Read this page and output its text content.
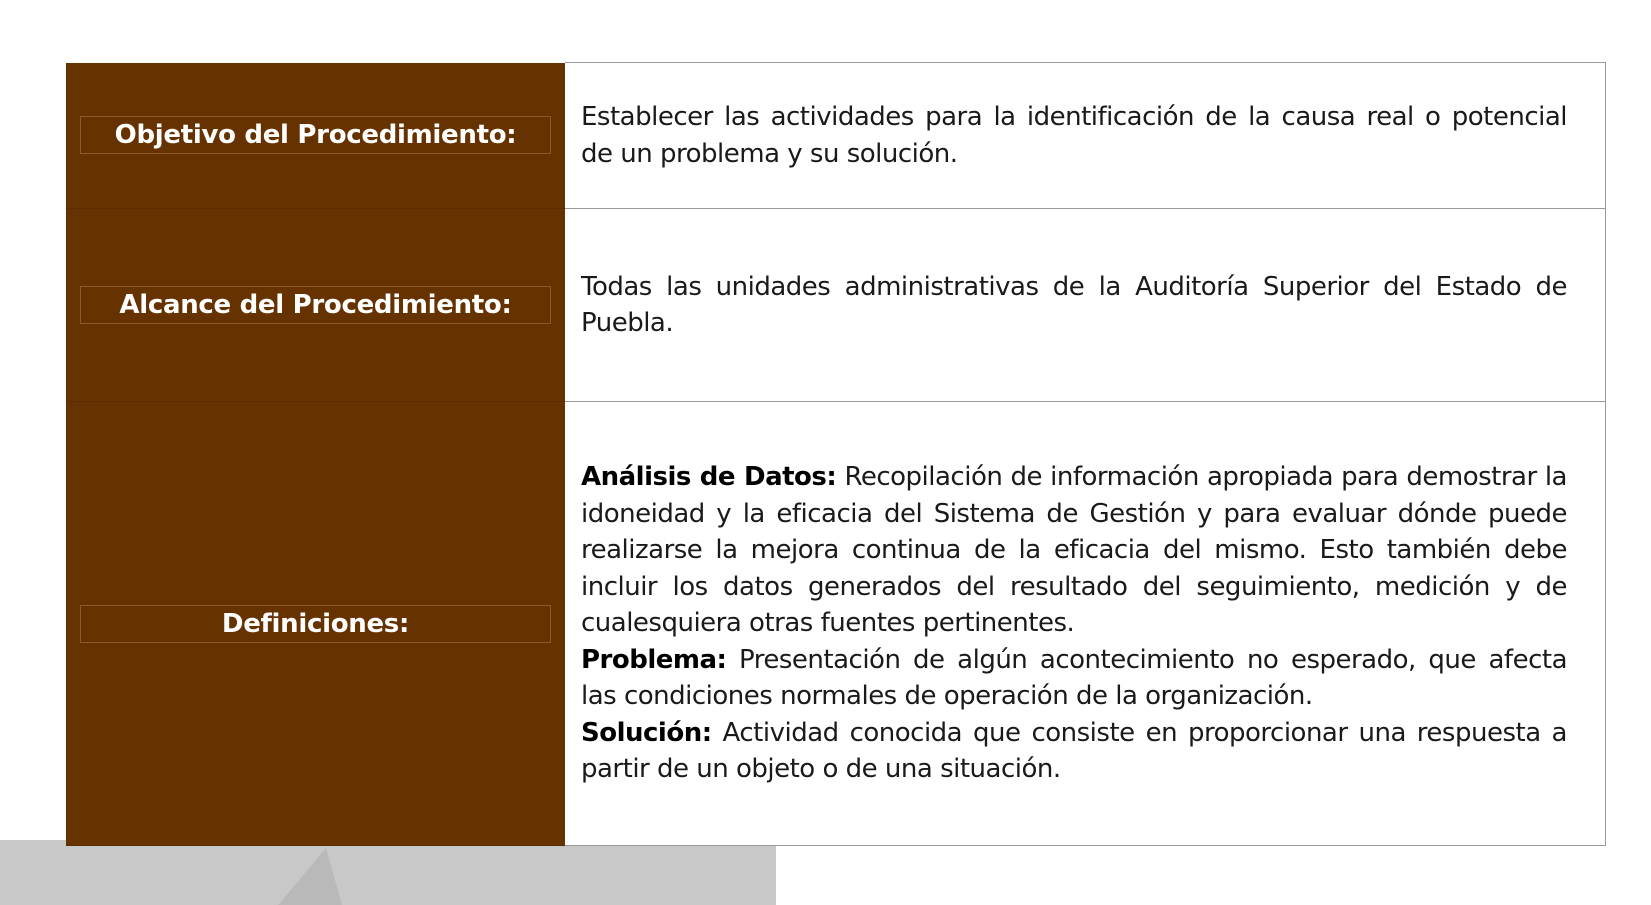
Objetivo del Procedimiento:	Establecer las actividades para la identificación de la causa real o potencial de un problema y su solución.

Alcance del Procedimiento:	Todas las unidades administrativas de la Auditoría Superior del Estado de Puebla.

Definiciones:	Análisis de Datos: Recopilación de información apropiada para demostrar la idoneidad y la eficacia del Sistema de Gestión y para evaluar dónde puede realizarse la mejora continua de la eficacia del mismo. Esto también debe incluir los datos generados del resultado del seguimiento, medición y de cualesquiera otras fuentes pertinentes.

Problema: Presentación de algún acontecimiento no esperado, que afecta las condiciones normales de operación de la organización.

Solución: Actividad conocida que consiste en proporcionar una respuesta a partir de un objeto o de una situación.
